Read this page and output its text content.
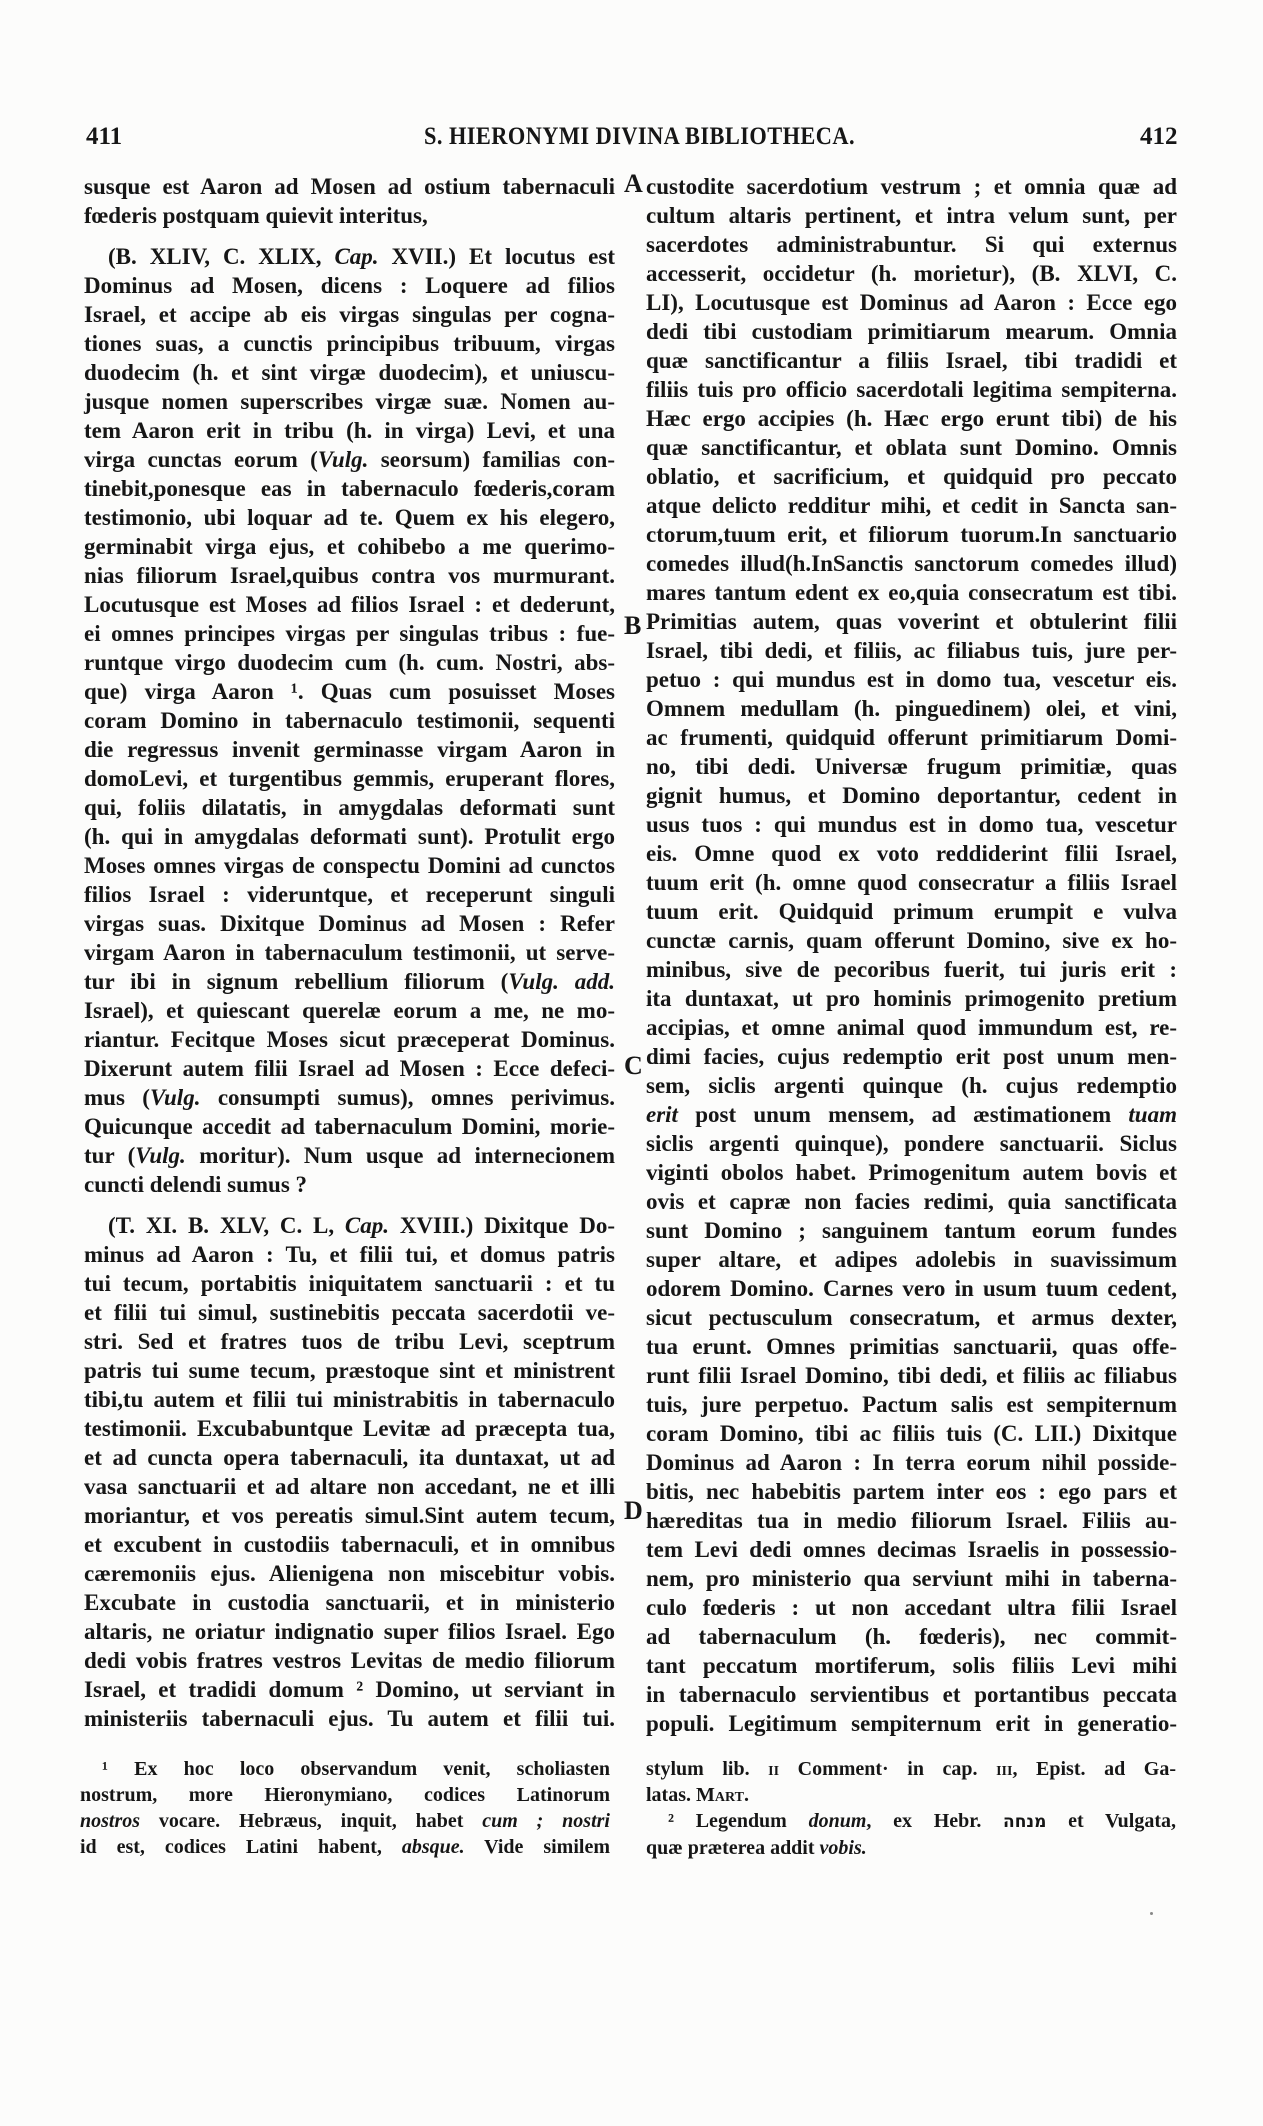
411	S. HIERONYMI DIVINA BIBLIOTHECA.	412
susque est Aaron ad Mosen ad ostium tabernaculi
fœderis postquam quievit interitus,
(B. XLIV, C. XLIX, Cap. XVII.) Et locutus est
Dominus ad Mosen, dicens : Loquere ad filios
Israel, et accipe ab eis virgas singulas per cogna-
tiones suas, a cunctis principibus tribuum, virgas
duodecim (h. et sint virgæ duodecim), et uniuscu-
jusque nomen superscribes virgæ suæ. Nomen au-
tem Aaron erit in tribu (h. in virga) Levi, et una
virga cunctas eorum (Vulg. seorsum) familias con-
tinebit,ponesque eas in tabernaculo fœderis,coram
testimonio, ubi loquar ad te. Quem ex his elegero,
germinabit virga ejus, et cohibebo a me querimo-
nias filiorum Israel,quibus contra vos murmurant.
Locutusque est Moses ad filios Israel : et dederunt,
ei omnes principes virgas per singulas tribus : fue-
runtque virgo duodecim cum (h. cum. Nostri, abs-
que) virga Aaron ¹. Quas cum posuisset Moses
coram Domino in tabernaculo testimonii, sequenti
die regressus invenit germinasse virgam Aaron in
domoLevi, et turgentibus gemmis, eruperant flores,
qui, foliis dilatatis, in amygdalas deformati sunt
(h. qui in amygdalas deformati sunt). Protulit ergo
Moses omnes virgas de conspectu Domini ad cunctos
filios Israel : videruntque, et receperunt singuli
virgas suas. Dixitque Dominus ad Mosen : Refer
virgam Aaron in tabernaculum testimonii, ut serve-
tur ibi in signum rebellium filiorum (Vulg. add.
Israel), et quiescant querelæ eorum a me, ne mo-
riantur. Fecitque Moses sicut præceperat Dominus.
Dixerunt autem filii Israel ad Mosen : Ecce defeci-
mus (Vulg. consumpti sumus), omnes perivimus.
Quicunque accedit ad tabernaculum Domini, morie-
tur (Vulg. moritur). Num usque ad internecionem
cuncti delendi sumus ?
(T. XI. B. XLV, C. L, Cap. XVIII.) Dixitque Do-
minus ad Aaron : Tu, et filii tui, et domus patris
tui tecum, portabitis iniquitatem sanctuarii : et tu
et filii tui simul, sustinebitis peccata sacerdotii ve-
stri. Sed et fratres tuos de tribu Levi, sceptrum
patris tui sume tecum, præstoque sint et ministrent
tibi,tu autem et filii tui ministrabitis in tabernaculo
testimonii. Excubabuntque Levitæ ad præcepta tua,
et ad cuncta opera tabernaculi, ita duntaxat, ut ad
vasa sanctuarii et ad altare non accedant, ne et illi
moriantur, et vos pereatis simul.Sint autem tecum,
et excubent in custodiis tabernaculi, et in omnibus
cæremoniis ejus. Alienigena non miscebitur vobis.
Excubate in custodia sanctuarii, et in ministerio
altaris, ne oriatur indignatio super filios Israel. Ego
dedi vobis fratres vestros Levitas de medio filiorum
Israel, et tradidi domum ² Domino, ut serviant in
ministeriis tabernaculi ejus. Tu autem et filii tui.
custodite sacerdotium vestrum ; et omnia quæ ad
cultum altaris pertinent, et intra velum sunt, per
sacerdotes administrabuntur. Si qui externus
accesserit, occidetur (h. morietur), (B. XLVI, C.
LI), Locutusque est Dominus ad Aaron : Ecce ego
dedi tibi custodiam primitiarum mearum. Omnia
quæ sanctificantur a filiis Israel, tibi tradidi et
filiis tuis pro officio sacerdotali legitima sempiterna.
Hæc ergo accipies (h. Hæc ergo erunt tibi) de his
quæ sanctificantur, et oblata sunt Domino. Omnis
oblatio, et sacrificium, et quidquid pro peccato
atque delicto redditur mihi, et cedit in Sancta san-
ctorum,tuum erit, et filiorum tuorum.In sanctuario
comedes illud(h.InSanctis sanctorum comedes illud)
mares tantum edent ex eo,quia consecratum est tibi.
Primitias autem, quas voverint et obtulerint filii
Israel, tibi dedi, et filiis, ac filiabus tuis, jure per-
petuo : qui mundus est in domo tua, vescetur eis.
Omnem medullam (h. pinguedinem) olei, et vini,
ac frumenti, quidquid offerunt primitiarum Domi-
no, tibi dedi. Universæ frugum primitiæ, quas
gignit humus, et Domino deportantur, cedent in
usus tuos : qui mundus est in domo tua, vescetur
eis. Omne quod ex voto reddiderint filii Israel,
tuum erit (h. omne quod consecratur a filiis Israel
tuum erit. Quidquid primum erumpit e vulva
cunctæ carnis, quam offerunt Domino, sive ex ho-
minibus, sive de pecoribus fuerit, tui juris erit :
ita duntaxat, ut pro hominis primogenito pretium
accipias, et omne animal quod immundum est, re-
dimi facies, cujus redemptio erit post unum men-
sem, siclis argenti quinque (h. cujus redemptio
erit post unum mensem, ad æstimationem tuam
siclis argenti quinque), pondere sanctuarii. Siclus
viginti obolos habet. Primogenitum autem bovis et
ovis et capræ non facies redimi, quia sanctificata
sunt Domino ; sanguinem tantum eorum fundes
super altare, et adipes adolebis in suavissimum
odorem Domino. Carnes vero in usum tuum cedent,
sicut pectusculum consecratum, et armus dexter,
tua erunt. Omnes primitias sanctuarii, quas offe-
runt filii Israel Domino, tibi dedi, et filiis ac filiabus
tuis, jure perpetuo. Pactum salis est sempiternum
coram Domino, tibi ac filiis tuis (C. LII.) Dixitque
Dominus ad Aaron : In terra eorum nihil posside-
bitis, nec habebitis partem inter eos : ego pars et
hæreditas tua in medio filiorum Israel. Filiis au-
tem Levi dedi omnes decimas Israelis in possessio-
nem, pro ministerio qua serviunt mihi in taberna-
culo fœderis : ut non accedant ultra filii Israel
ad tabernaculum (h. fœderis), nec commit-
tant peccatum mortiferum, solis filiis Levi mihi
in tabernaculo servientibus et portantibus peccata
populi. Legitimum sempiternum erit in generatio-
A
B
C
D
¹ Ex hoc loco observandum venit, scholiasten
nostrum, more Hieronymiano, codices Latinorum
nostros vocare. Hebræus, inquit, habet cum ; nostri
id est, codices Latini habent, absque. Vide similem
stylum lib. ii Comment· in cap. iii, Epist. ad Ga-
latas. Mart.
² Legendum donum, ex Hebr. מנחה et Vulgata,
quæ præterea addit vobis.
